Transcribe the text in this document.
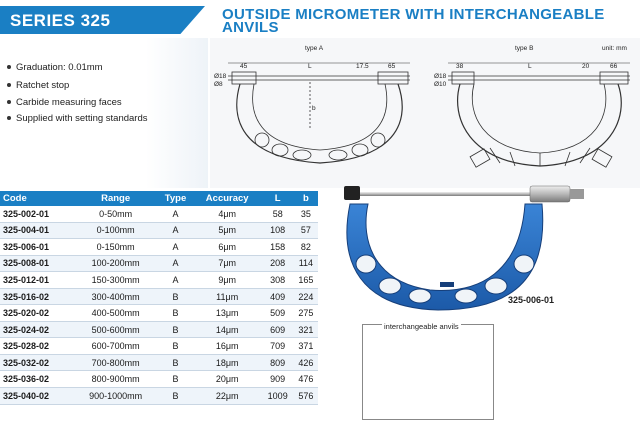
SERIES 325	OUTSIDE MICROMETER WITH INTERCHANGEABLE ANVILS
Graduation: 0.01mm
Ratchet stop
Carbide measuring faces
Supplied with setting standards
type A
45	L	17.5	65
Ø18
Ø8
b
type B	unit: mm
38	L	20	66
Ø18
Ø10
Code	Range	Type	Accuracy	L	b
325-002-01	0-50mm	A	4μm	58	35
325-004-01	0-100mm	A	5μm	108	57
325-006-01	0-150mm	A	6μm	158	82
325-008-01	100-200mm	A	7μm	208	114
325-012-01	150-300mm	A	9μm	308	165
325-016-02	300-400mm	B	11μm	409	224
325-020-02	400-500mm	B	13μm	509	275
325-024-02	500-600mm	B	14μm	609	321
325-028-02	600-700mm	B	16μm	709	371
325-032-02	700-800mm	B	18μm	809	426
325-036-02	800-900mm	B	20μm	909	476
325-040-02	900-1000mm	B	22μm	1009	576
interchangeable anvils
325-006-01
